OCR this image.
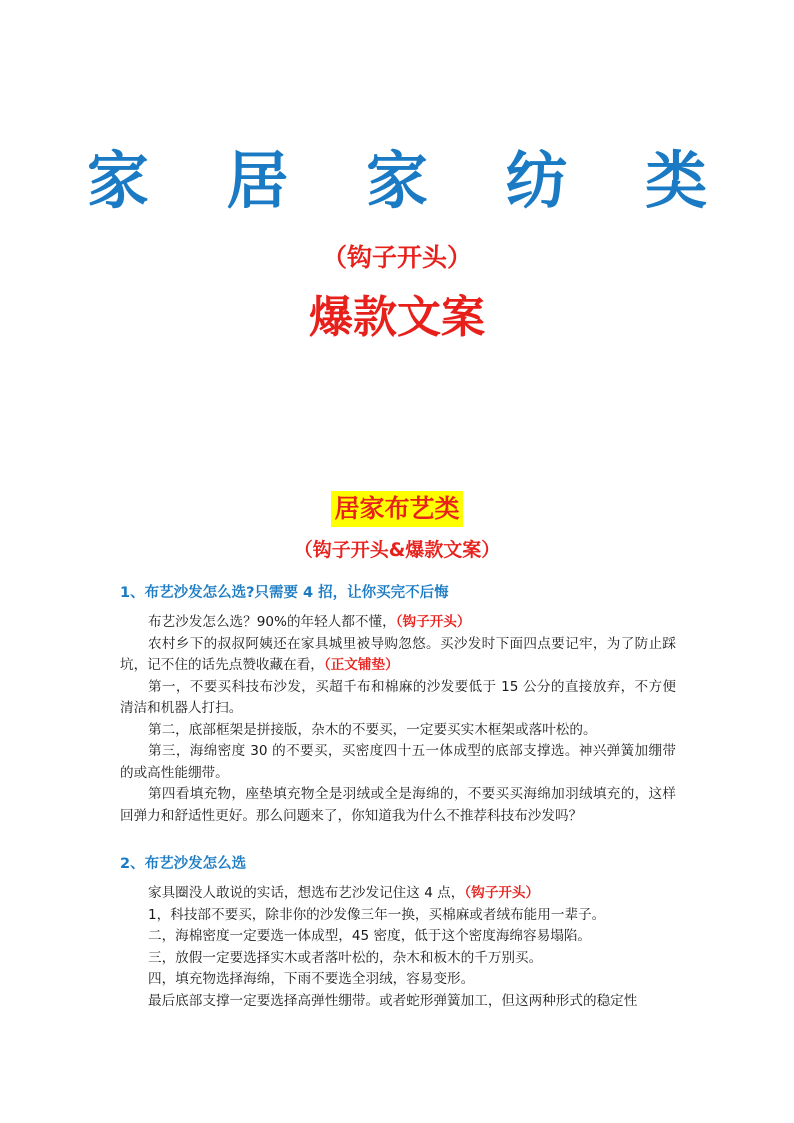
家 居 家 纺 类

（钩子开头）

爆款文案

居家布艺类

（钩子开头&爆款文案）

1、布艺沙发怎么选?只需要 4 招，让你买完不后悔

布艺沙发怎么选？90%的年轻人都不懂，（钩子开头）

农村乡下的叔叔阿姨还在家具城里被导购忽悠。买沙发时下面四点要记牢，为了防止踩坑，记不住的话先点赞收藏在看，（正文铺垫）

第一，不要买科技布沙发，买超千布和棉麻的沙发要低于 15 公分的直接放弃，不方便清洁和机器人打扫。

第二，底部框架是拼接版，杂木的不要买，一定要买实木框架或落叶松的。

第三，海绵密度 30 的不要买，买密度四十五一体成型的底部支撑选。神兴弹簧加绷带的或高性能绷带。

第四看填充物，座垫填充物全是羽绒或全是海绵的，不要买买海绵加羽绒填充的，这样回弹力和舒适性更好。那么问题来了，你知道我为什么不推荐科技布沙发吗？

2、布艺沙发怎么选

家具圈没人敢说的实话，想选布艺沙发记住这 4 点，（钩子开头）

1，科技部不要买，除非你的沙发像三年一换，买棉麻或者绒布能用一辈子。

二，海棉密度一定要选一体成型，45 密度，低于这个密度海绵容易塌陷。

三，放假一定要选择实木或者落叶松的，杂木和板木的千万别买。

四，填充物选择海绵，下雨不要选全羽绒，容易变形。

最后底部支撑一定要选择高弹性绷带。或者蛇形弹簧加工，但这两种形式的稳定性
